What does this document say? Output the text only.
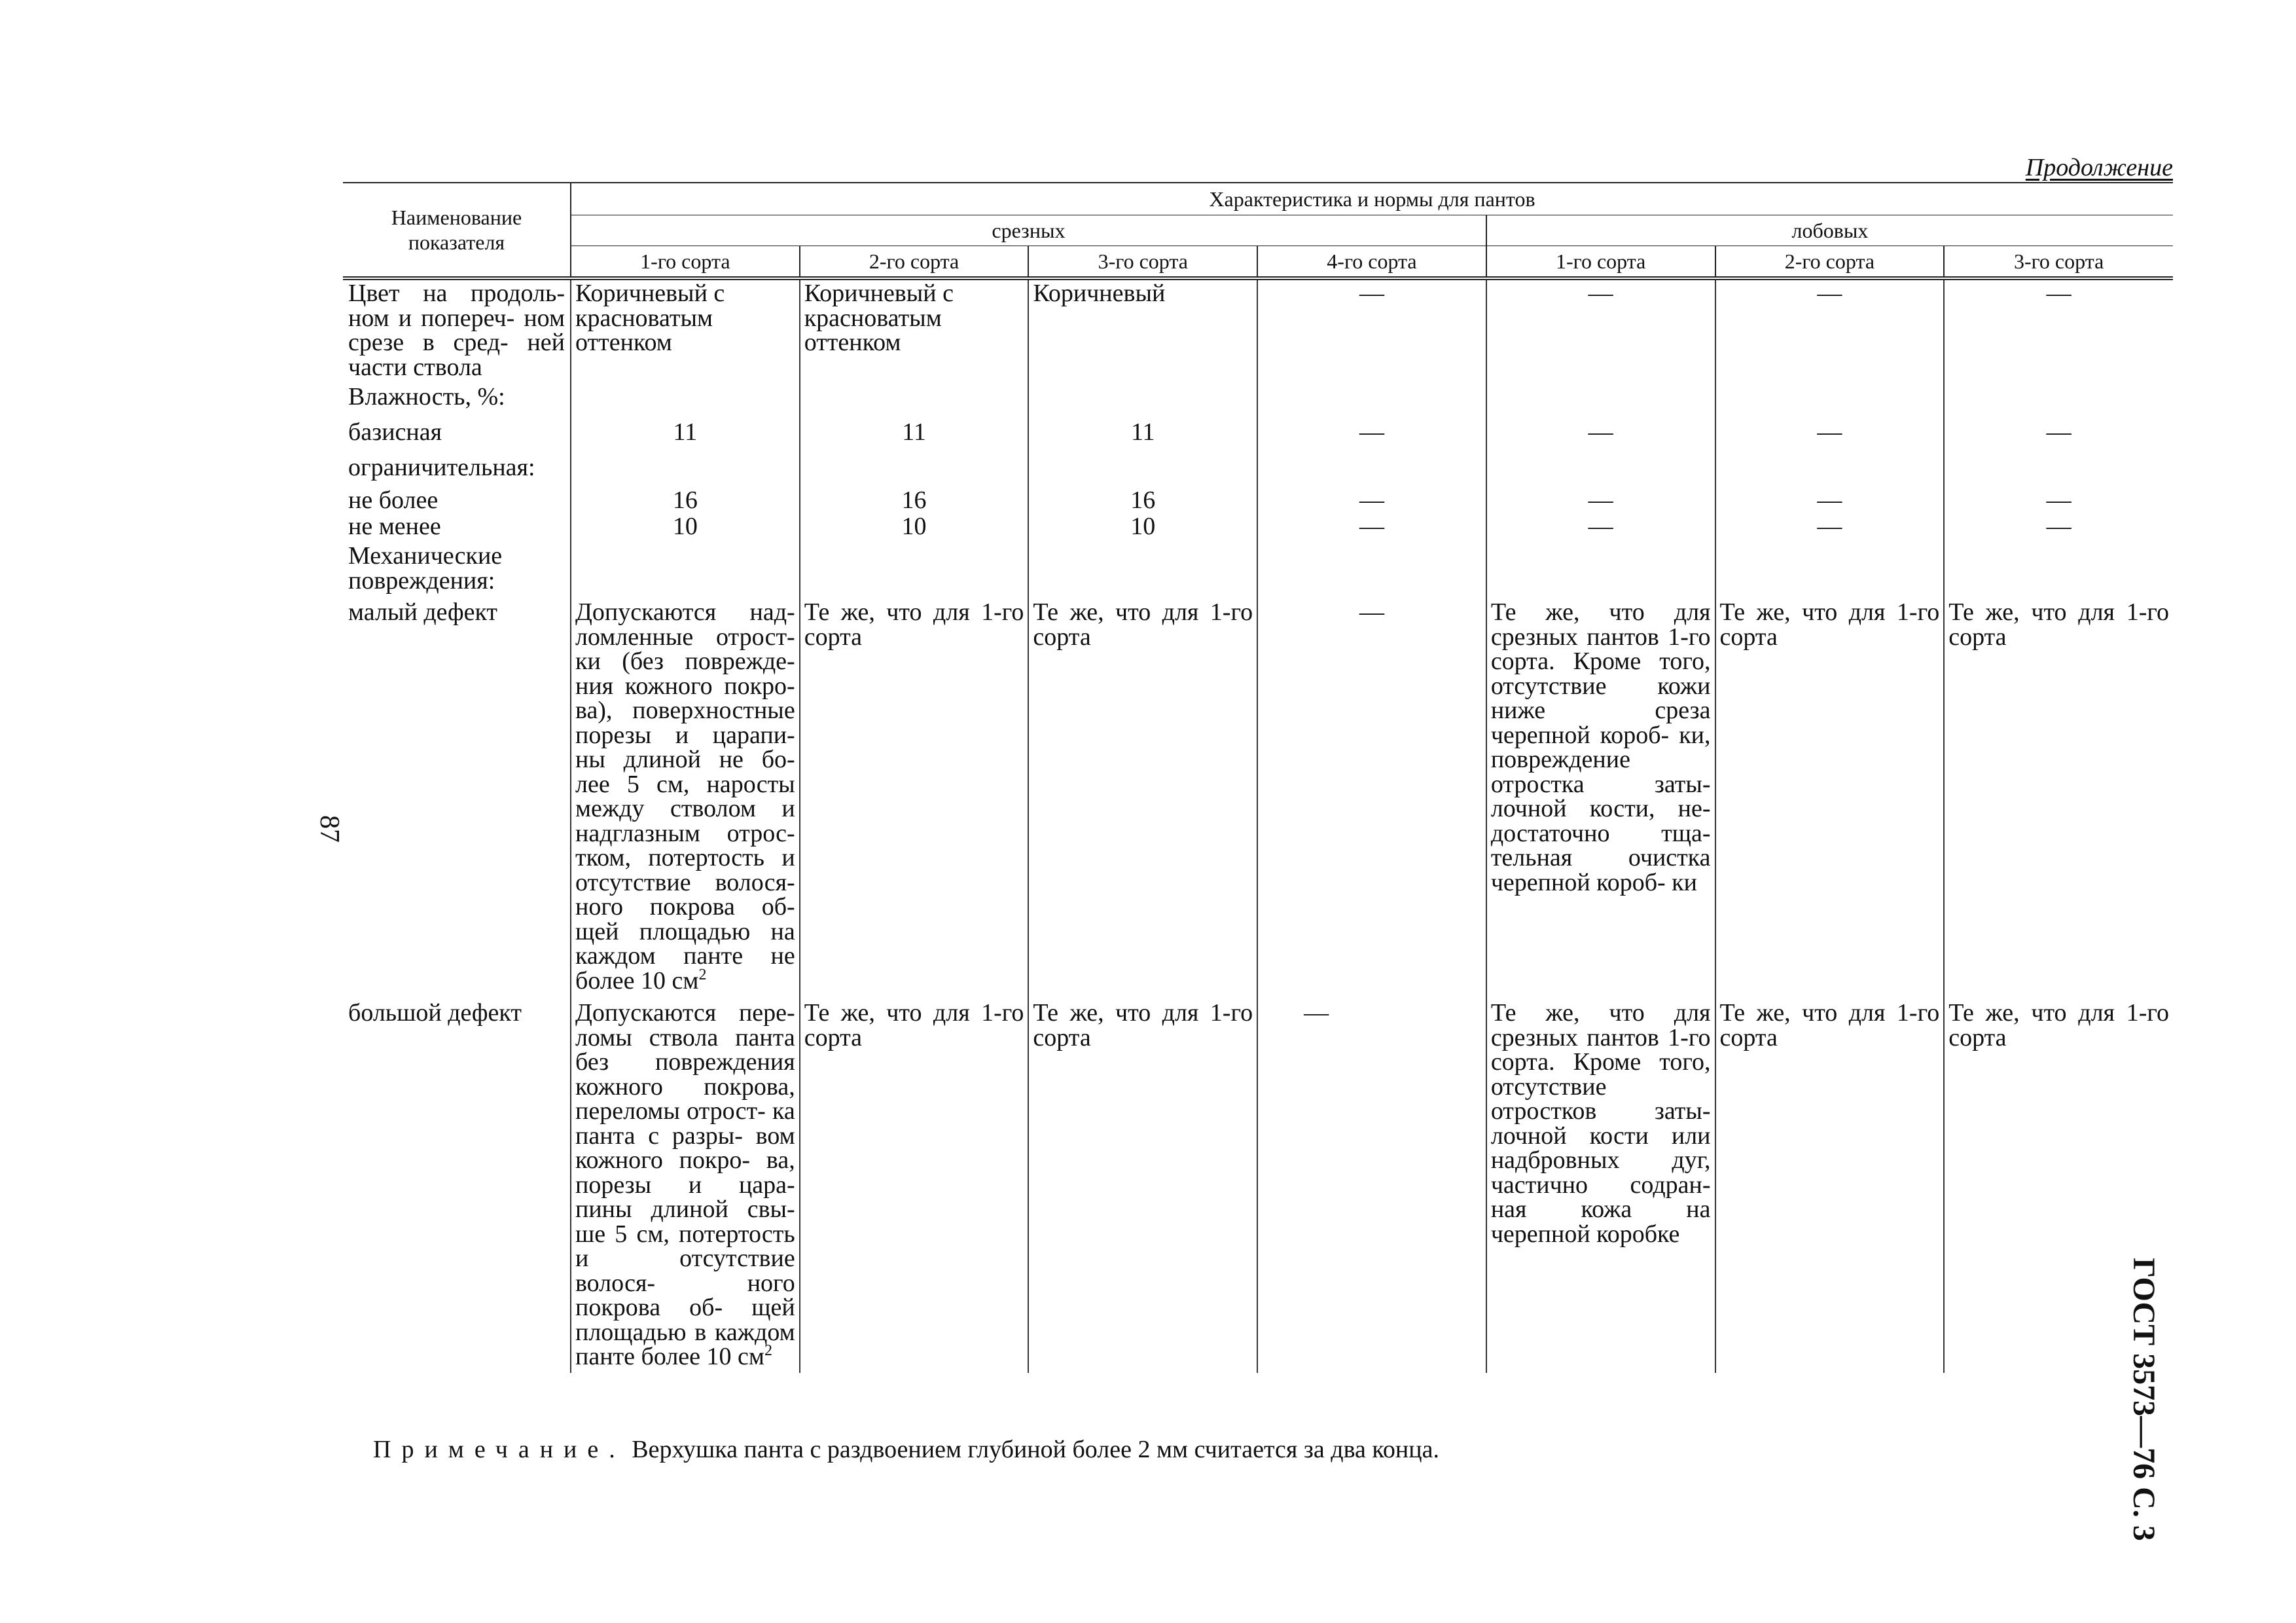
Продолжение
Наименование показателя	Характеристика и нормы для пантов						
	срезных				лобовых		
	1-го сорта	2-го сорта	3-го сорта	4-го сорта	1-го сорта	2-го сорта	3-го сорта
Цвет на продоль- ном и попереч- ном срезе в сред- ней части ствола	Коричневый с красноватым оттенком	Коричневый с красноватым оттенком	Коричневый	—	—	—	—
Влажность, %:							
базисная	11	11	11	—	—	—	—
ограничительная:							
не более	16	16	16	—	—	—	—
не менее	10	10	10	—	—	—	—
Механические повреждения:							
малый дефект	Допускаются над- ломленные отрост- ки (без поврежде- ния кожного покро- ва), поверхностные порезы и царапи- ны длиной не бо- лее 5 см, наросты между стволом и надглазным отрос- тком, потертость и отсутствие волося- ного покрова об- щей площадью на каждом панте не более 10 $см^2$	Те же, что для 1-го сорта	Те же, что для 1-го сорта	—	Те же, что для срезных пантов 1-го сорта. Кроме того, отсутствие кожи ниже среза черепной короб- ки, повреждение отростка заты- лочной кости, не- достаточно тща- тельная очистка черепной короб- ки	Те же, что для 1-го сорта	Те же, что для 1-го сорта
большой дефект	Допускаются пере- ломы ствола панта без повреждения кожного покрова, переломы отрост- ка панта с разры- вом кожного покро- ва, порезы и цара- пины длиной свы- ше 5 см, потертость и отсутствие волося- ного покрова об- щей площадью в каждом панте более 10 $см^2$	Те же, что для 1-го сорта	Те же, что для 1-го сорта	—	Те же, что для срезных пантов 1-го сорта. Кроме того, отсутствие отростков заты- лочной кости или надбровных дуг, частично содран- ная кожа на черепной коробке	Те же, что для 1-го сорта	Те же, что для 1-го сорта
87
ГОСТ 3573—76 С. 3

Примечание. Верхушка панта с раздвоением глубиной более 2 мм считается за два конца.
